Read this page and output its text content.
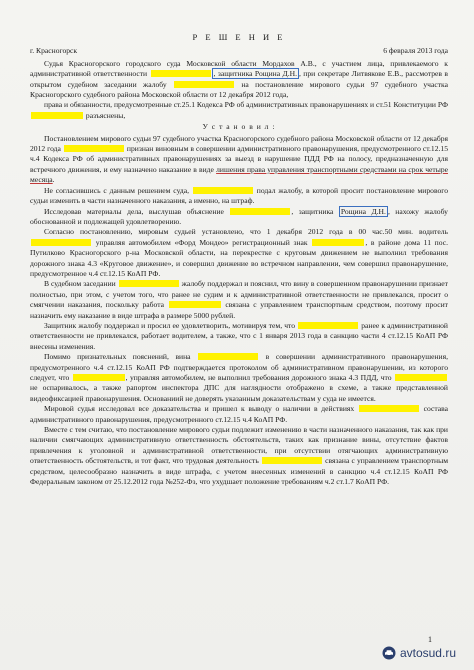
Р Е Ш Е Н И Е
г. Красногорск	6 февраля 2013 года

Судья Красногорского городского суда Московской области Мордахов А.В., с участием лица, привлекаемого к административной ответственности	, защитника Рощина Д.Н. , при секретаре Литвякове Е.В., рассмотрев в открытом судебном заседании жалобу	на постановление мирового судьи 97 судебного участка Красногорского судебного района Московской области от 12 декабря 2012 года,

права и обязанности, предусмотренные ст.25.1 Кодекса РФ об административных правонарушениях и ст.51 Конституции РФ  разъяснены,

У с т а н о в и л :

Постановлением мирового судьи 97 судебного участка Красногорского судебного района Московской области от 12 декабря 2012 года	признан виновным в совершении административного правонарушения, предусмотренного ст.12.15 ч.4 Кодекса РФ об административных правонарушениях за выезд в нарушение ПДД РФ на полосу, предназначенную для встречного движения, и ему назначено наказание в виде лишения права управления транспортными средствами на срок четыре месяца.

Не согласившись с данным решением суда,	подал жалобу, в которой просит постановление мирового судьи изменить в части назначенного наказания, а именно, на штраф.

Исследовав материалы дела, выслушав объяснение	, защитника Рощина Д.Н. , нахожу жалобу обоснованной и подлежащей удовлетворению.

Согласно постановлению, мировым судьей установлено, что 1 декабря 2012 года в 00 час.50 мин. водитель  управляя автомобилем «Форд Мондео» регистрационный знак	, в районе дома 11 пос. Путилково Красногорского р-на Московской области, на перекрестке с круговым движением не выполнил требования дорожного знака 4.3 «Круговое движение», и совершил движение во встречном направлении, чем совершил правонарушение, предусмотренное ч.4 ст.12.15 КоАП РФ.

В судебном заседании	жалобу поддержал и пояснил, что вину в совершенном правонарушении признает полностью, при этом, с учетом того, что ранее не судим и к административной ответственности не привлекался, просит о смягчении наказания, поскольку работа	связана с управлением транспортным средством, поэтому просит назначить ему наказание в виде штрафа в размере 5000 рублей.

Защитник жалобу поддержал и просил ее удовлетворить, мотивируя тем, что	ранее к административной ответственности не привлекался, работает водителем, а также, что с 1 января 2013 года в санкцию части 4 ст.12.15 КоАП РФ внесены изменения.

Помимо признательных пояснений, вина	в совершении административного правонарушения, предусмотренного ч.4 ст.12.15 КоАП РФ подтверждается протоколом об административном правонарушении, из которого следует, что	, управляя автомобилем, не выполнил требования дорожного знака 4.3 ПДД, что  не оспаривалось, а также рапортом инспектора ДПС для наглядности отображено в схеме, а также представленной видеофиксацией правонарушения. Основаниий не доверять указанным доказательствам у суда не имеется.

Мировой судья исследовал все доказательства и пришел к выводу о наличии в действиях	состава административного правонарушения, предусмотренного ст.12.15 ч.4 КоАП РФ.

Вместе с тем считаю, что постановление мирового судьи подлежит изменению в части назначенного наказания, так как при наличии смягчающих административную ответственность обстоятельств, таких как признание вины, отсутствие фактов привлечения к уголовной и административной ответственности, при отсутствии отягчающих административную ответственность обстоятельств, и тот факт, что трудовая деятельность	связана с управлением транспортным средством, целесообразно назначить в виде штрафа, с учетом внесенных изменений в санкцию ч.4 ст.12.15 КоАП РФ Федеральным законом от 25.12.2012 года №252-Фз, что ухудшает положение требованиям ч.2 ст.1.7 КоАП РФ.

1
avtosud.ru
